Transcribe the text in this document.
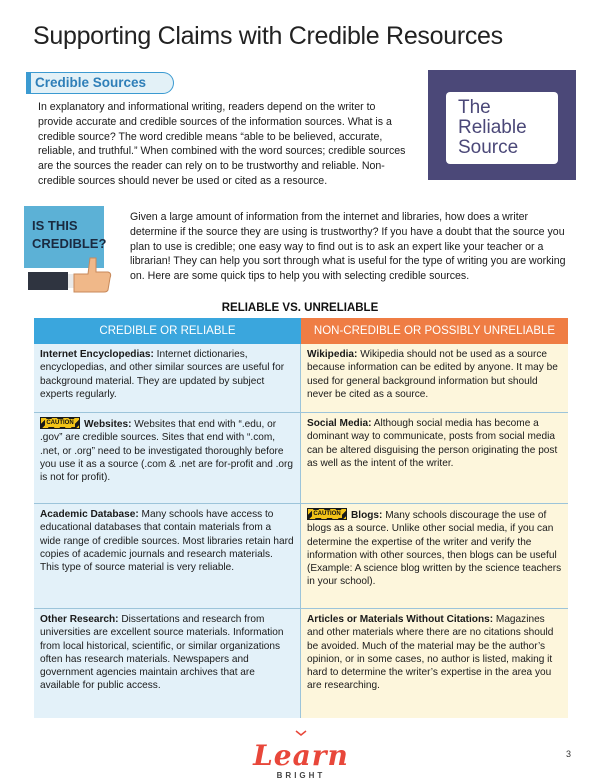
Supporting Claims with Credible Resources
Credible Sources

In explanatory and informational writing, readers depend on the writer to provide accurate and credible sources of the information sources. What is a credible source? The word credible means “able to be believed, accurate, reliable, and truthful.” When combined with the word sources; credible sources are the sources the reader can rely on to be trustworthy and reliable. Non-credible sources should never be used or cited as a resource.

The
Reliable
Source
IS THIS
CREDIBLE?

Given a large amount of information from the internet and libraries, how does a writer determine if the source they are using is trustworthy? If you have a doubt that the source you plan to use is credible; one easy way to find out is to ask an expert like your teacher or a librarian! They can help you sort through what is useful for the type of writing you are working on. Here are some quick tips to help you with selecting credible sources.

RELIABLE VS. UNRELIABLE
CREDIBLE OR RELIABLE	NON-CREDIBLE OR POSSIBLY UNRELIABLE
Internet Encyclopedias: Internet dictionaries, encyclopedias, and other similar sources are useful for background material. They are updated by subject experts regularly.
Wikipedia: Wikipedia should not be used as a source because information can be edited by anyone. It may be used for general background information but should never be cited as a source.
CAUTION Websites: Websites that end with “.edu, or .gov” are credible sources. Sites that end with “.com, .net, or .org” need to be investigated thoroughly before you use it as a source (.com & .net are for-profit and .org is not for profit).
Social Media: Although social media has become a dominant way to communicate, posts from social media can be altered disguising the person originating the post as well as the intent of the writer.
Academic Database: Many schools have access to educational databases that contain materials from a wide range of credible sources. Most libraries retain hard copies of academic journals and research materials. This type of source material is very reliable.
CAUTION Blogs: Many schools discourage the use of blogs as a source. Unlike other social media, if you can determine the expertise of the writer and verify the information with other sources, then blogs can be useful (Example: A science blog written by the science teachers in your school).
Other Research: Dissertations and research from universities are excellent source materials. Information from local historical, scientific, or similar organizations often has research materials. Newspapers and government agencies maintain archives that are available for public access.
Articles or Materials Without Citations: Magazines and other materials where there are no citations should be avoided. Much of the material may be the author’s opinion, or in some cases, no author is listed, making it hard to determine the writer’s expertise in the area you are researching.
Learn
BRIGHT
3
